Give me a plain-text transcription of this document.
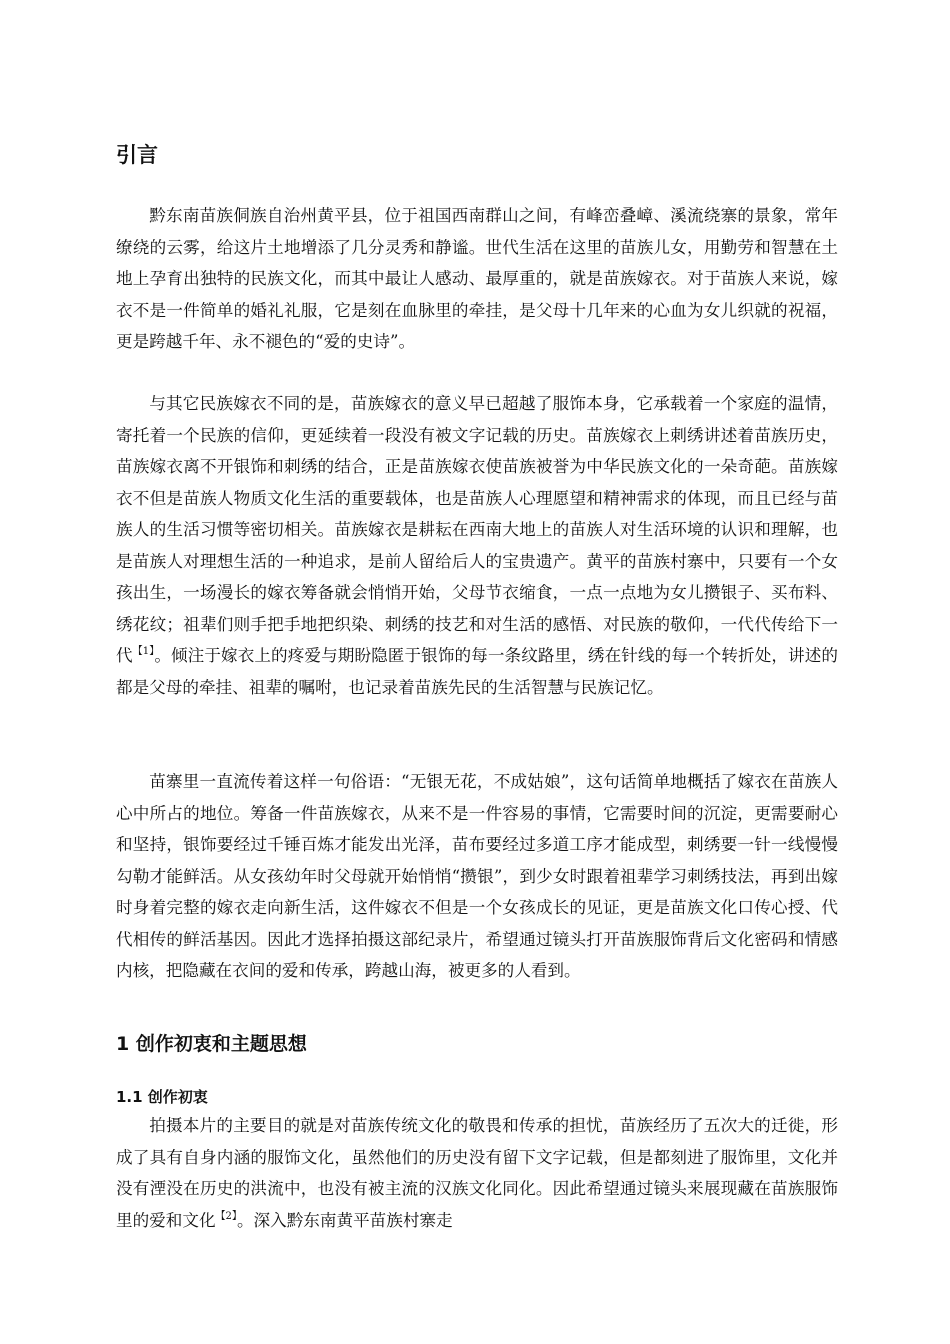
引言

黔东南苗族侗族自治州黄平县，位于祖国西南群山之间，有峰峦叠嶂、溪流绕寨的景象，常年缭绕的云雾，给这片土地增添了几分灵秀和静谧。世代生活在这里的苗族儿女，用勤劳和智慧在土地上孕育出独特的民族文化，而其中最让人感动、最厚重的，就是苗族嫁衣。对于苗族人来说，嫁衣不是一件简单的婚礼礼服，它是刻在血脉里的牵挂，是父母十几年来的心血为女儿织就的祝福，更是跨越千年、永不褪色的“爱的史诗”。

与其它民族嫁衣不同的是，苗族嫁衣的意义早已超越了服饰本身，它承载着一个家庭的温情，寄托着一个民族的信仰，更延续着一段没有被文字记载的历史。苗族嫁衣上刺绣讲述着苗族历史，苗族嫁衣离不开银饰和刺绣的结合，正是苗族嫁衣使苗族被誉为中华民族文化的一朵奇葩。苗族嫁衣不但是苗族人物质文化生活的重要载体，也是苗族人心理愿望和精神需求的体现，而且已经与苗族人的生活习惯等密切相关。苗族嫁衣是耕耘在西南大地上的苗族人对生活环境的认识和理解，也是苗族人对理想生活的一种追求，是前人留给后人的宝贵遗产。黄平的苗族村寨中，只要有一个女孩出生，一场漫长的嫁衣筹备就会悄悄开始，父母节衣缩食，一点一点地为女儿攒银子、买布料、绣花纹；祖辈们则手把手地把织染、刺绣的技艺和对生活的感悟、对民族的敬仰，一代代传给下一代$^{【1】}$。倾注于嫁衣上的疼爱与期盼隐匿于银饰的每一条纹路里，绣在针线的每一个转折处，讲述的都是父母的牵挂、祖辈的嘱咐，也记录着苗族先民的生活智慧与民族记忆。

苗寨里一直流传着这样一句俗语：“无银无花，不成姑娘”，这句话简单地概括了嫁衣在苗族人心中所占的地位。筹备一件苗族嫁衣，从来不是一件容易的事情，它需要时间的沉淀，更需要耐心和坚持，银饰要经过千锤百炼才能发出光泽，苗布要经过多道工序才能成型，刺绣要一针一线慢慢勾勒才能鲜活。从女孩幼年时父母就开始悄悄“攒银”，到少女时跟着祖辈学习刺绣技法，再到出嫁时身着完整的嫁衣走向新生活，这件嫁衣不但是一个女孩成长的见证，更是苗族文化口传心授、代代相传的鲜活基因。因此才选择拍摄这部纪录片，希望通过镜头打开苗族服饰背后文化密码和情感内核，把隐藏在衣间的爱和传承，跨越山海，被更多的人看到。

1 创作初衷和主题思想
1.1 创作初衷

拍摄本片的主要目的就是对苗族传统文化的敬畏和传承的担忧，苗族经历了五次大的迁徙，形成了具有自身内涵的服饰文化，虽然他们的历史没有留下文字记载，但是都刻进了服饰里，文化并没有湮没在历史的洪流中，也没有被主流的汉族文化同化。因此希望通过镜头来展现藏在苗族服饰里的爱和文化$^{【2】}$。深入黔东南黄平苗族村寨走
